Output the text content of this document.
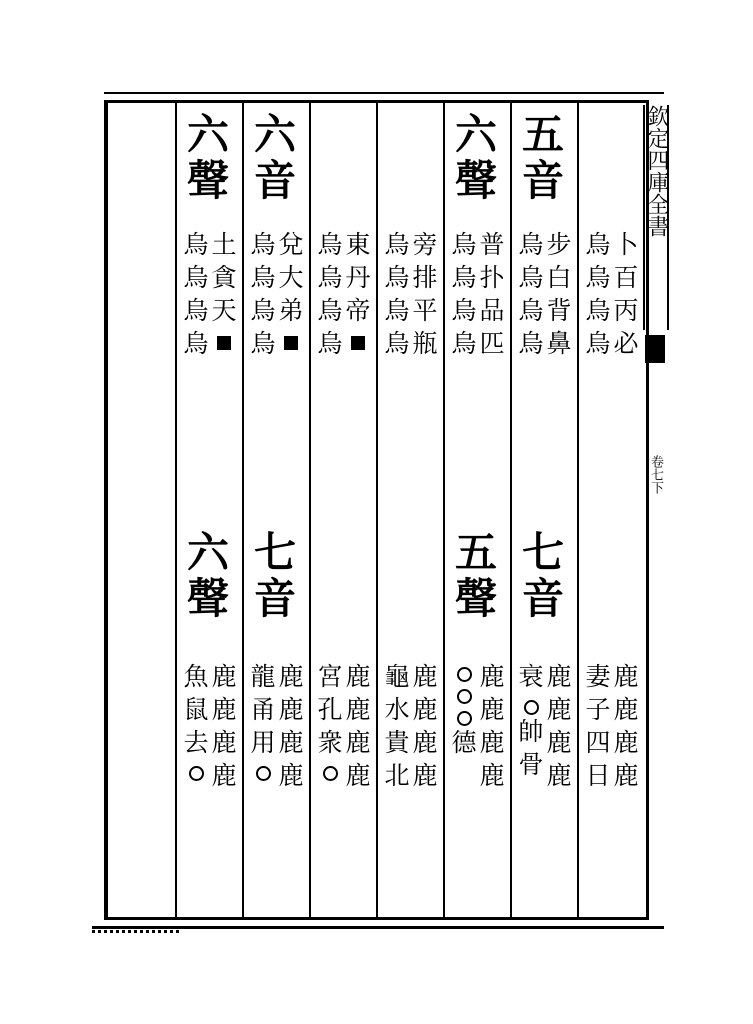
卜
百
丙
必
烏
烏
烏
烏
鹿
鹿
鹿
鹿
妻
子
四
日
五
音
步
白
背
鼻
烏
烏
烏
烏
七
音
鹿
鹿
鹿
鹿
衰
帥
骨
六
聲
普
扑
品
匹
烏
烏
烏
烏
五
聲
鹿
鹿
鹿
鹿
德
旁
排
平
瓶
烏
烏
烏
烏
鹿
鹿
鹿
鹿
龜
水
貴
北
東
丹
帝
烏
烏
烏
烏
鹿
鹿
鹿
鹿
宮
孔
衆
六
音
兌
大
弟
烏
烏
烏
烏
七
音
鹿
鹿
鹿
鹿
龍
甬
用
六
聲
土
貪
天
烏
烏
烏
烏
六
聲
鹿
鹿
鹿
鹿
魚
鼠
去
欽定四庫全書
卷七下
